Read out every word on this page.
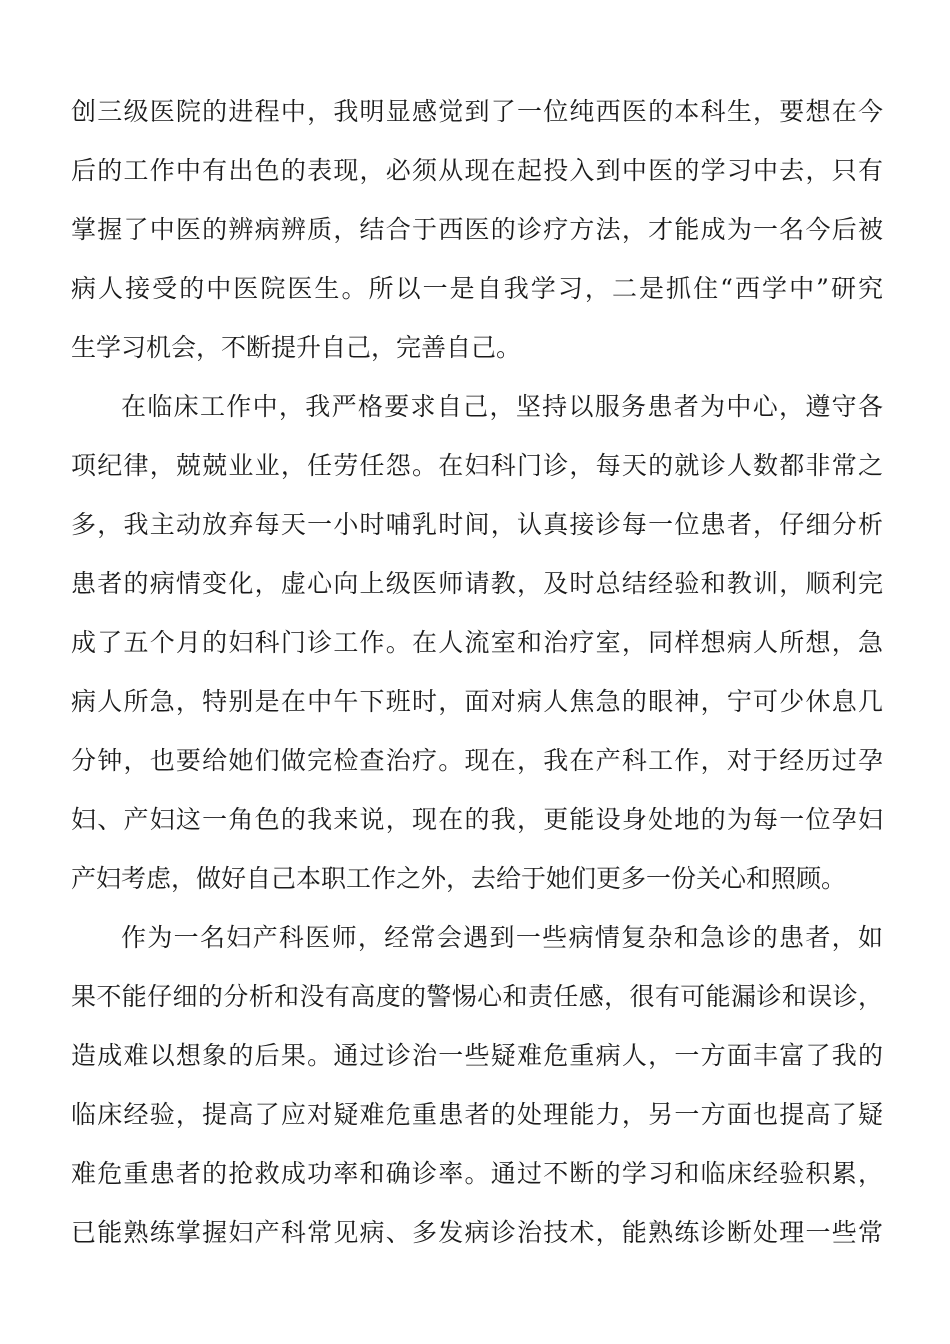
创三级医院的进程中，我明显感觉到了一位纯西医的本科生，要想在今
后的工作中有出色的表现，必须从现在起投入到中医的学习中去，只有
掌握了中医的辨病辨质，结合于西医的诊疗方法，才能成为一名今后被
病人接受的中医院医生。所以一是自我学习，二是抓住“西学中”研究
生学习机会，不断提升自己，完善自己。
在临床工作中，我严格要求自己，坚持以服务患者为中心，遵守各
项纪律，兢兢业业，任劳任怨。在妇科门诊，每天的就诊人数都非常之
多，我主动放弃每天一小时哺乳时间，认真接诊每一位患者，仔细分析
患者的病情变化，虚心向上级医师请教，及时总结经验和教训，顺利完
成了五个月的妇科门诊工作。在人流室和治疗室，同样想病人所想，急
病人所急，特别是在中午下班时，面对病人焦急的眼神，宁可少休息几
分钟，也要给她们做完检查治疗。现在，我在产科工作，对于经历过孕
妇、产妇这一角色的我来说，现在的我，更能设身处地的为每一位孕妇
产妇考虑，做好自己本职工作之外，去给于她们更多一份关心和照顾。
作为一名妇产科医师，经常会遇到一些病情复杂和急诊的患者，如
果不能仔细的分析和没有高度的警惕心和责任感，很有可能漏诊和误诊，
造成难以想象的后果。通过诊治一些疑难危重病人，一方面丰富了我的
临床经验，提高了应对疑难危重患者的处理能力，另一方面也提高了疑
难危重患者的抢救成功率和确诊率。通过不断的学习和临床经验积累，
已能熟练掌握妇产科常见病、多发病诊治技术，能熟练诊断处理一些常
